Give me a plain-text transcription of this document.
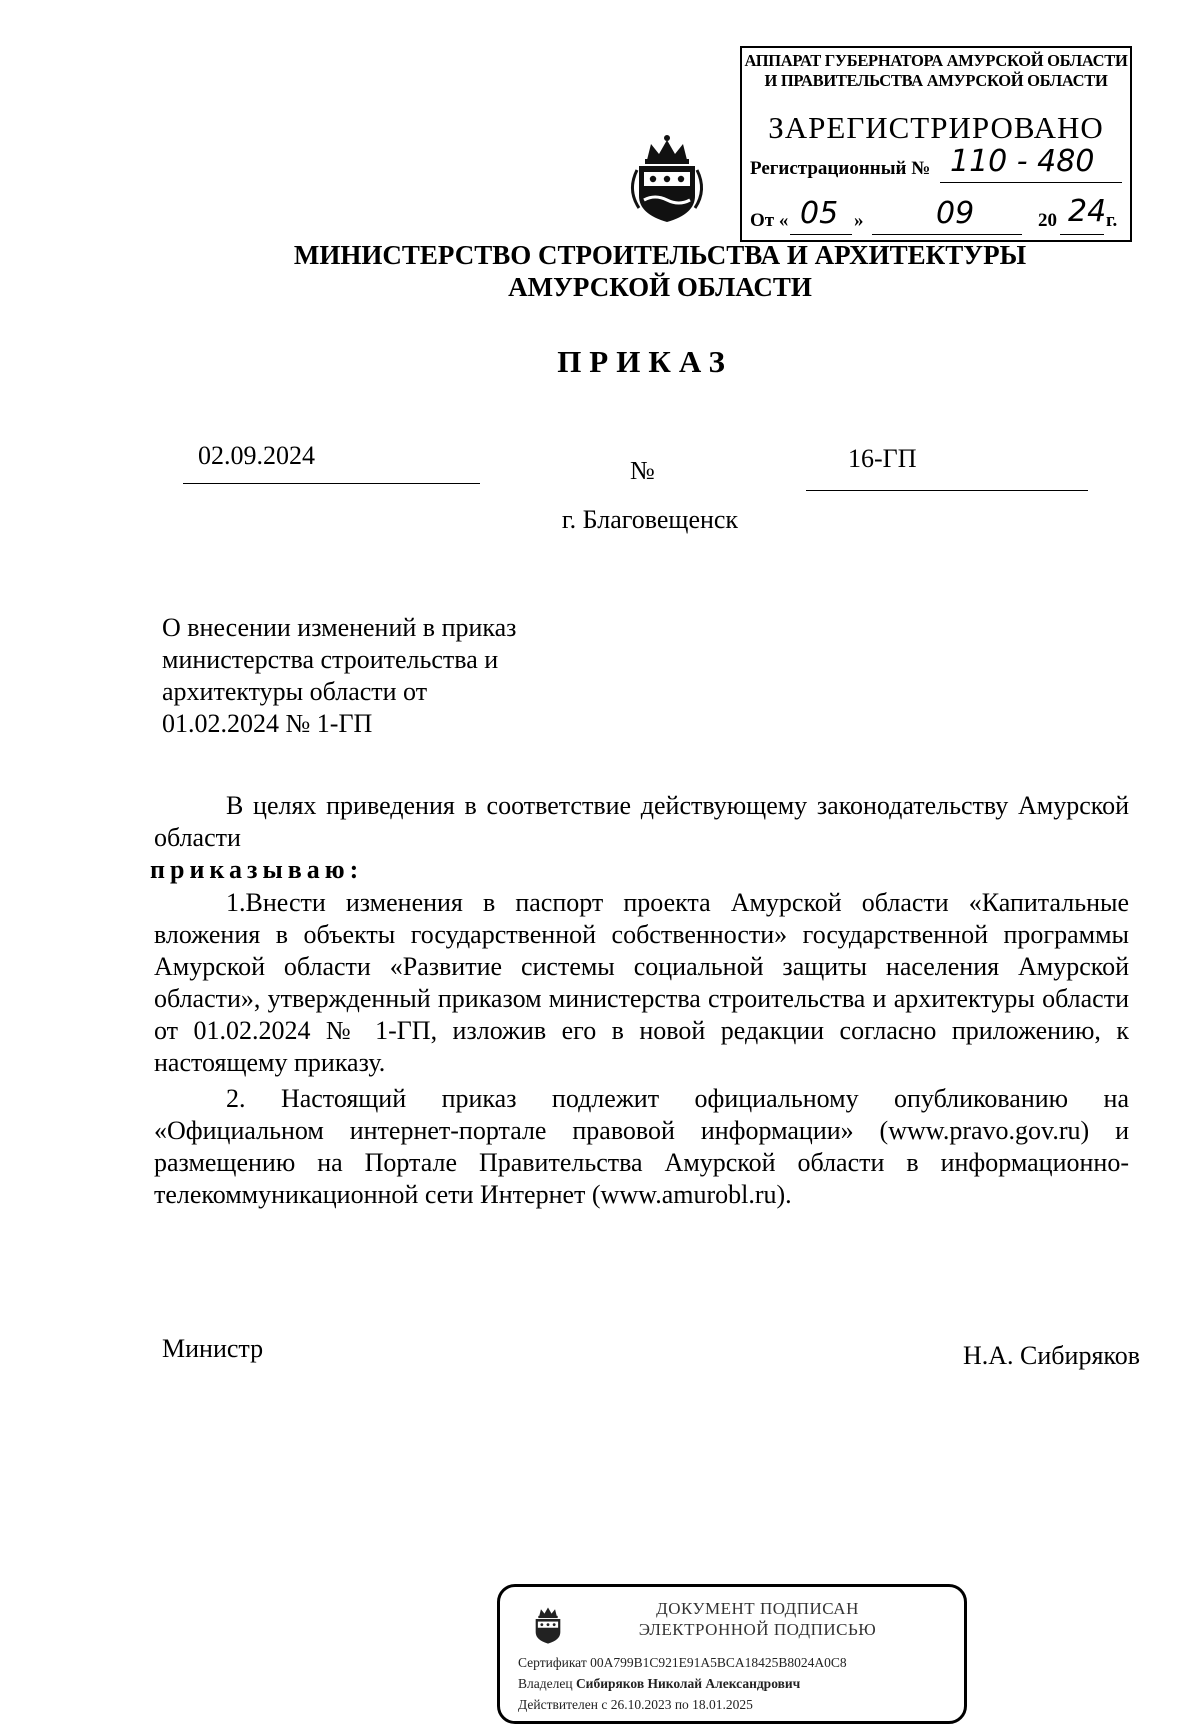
АППАРАТ ГУБЕРНАТОРА АМУРСКОЙ ОБЛАСТИ
И ПРАВИТЕЛЬСТВА АМУРСКОЙ ОБЛАСТИ
ЗАРЕГИСТРИРОВАНО
Регистрационный № 110 - 480
От « 05 » 09	20 24 г.
МИНИСТЕРСТВО СТРОИТЕЛЬСТВА И АРХИТЕКТУРЫ
АМУРСКОЙ ОБЛАСТИ
ПРИКАЗ
02.09.2024
№	16-ГП
г. Благовещенск
О внесении изменений в приказ
министерства строительства и
архитектуры области от
01.02.2024 № 1-ГП
В целях приведения в соответствие действующему законодательству Амурской области
приказываю:
1.Внести изменения в паспорт проекта Амурской области «Капитальные вложения в объекты государственной собственности» государственной программы Амурской области «Развитие системы социальной защиты населения Амурской области», утвержденный приказом министерства строительства и архитектуры области от 01.02.2024 № 1-ГП, изложив его в новой редакции согласно приложению, к настоящему приказу.
2. Настоящий приказ подлежит официальному опубликованию на «Официальном интернет-портале правовой информации» (www.pravo.gov.ru) и размещению на Портале Правительства Амурской области в информационно-телекоммуникационной сети Интернет (www.amurobl.ru).
Министр	Н.А. Сибиряков
ДОКУМЕНТ ПОДПИСАН
ЭЛЕКТРОННОЙ ПОДПИСЬЮ
Сертификат 00A799B1C921E91A5BCA18425B8024A0C8
Владелец Сибиряков Николай Александрович
Действителен с 26.10.2023 по 18.01.2025
